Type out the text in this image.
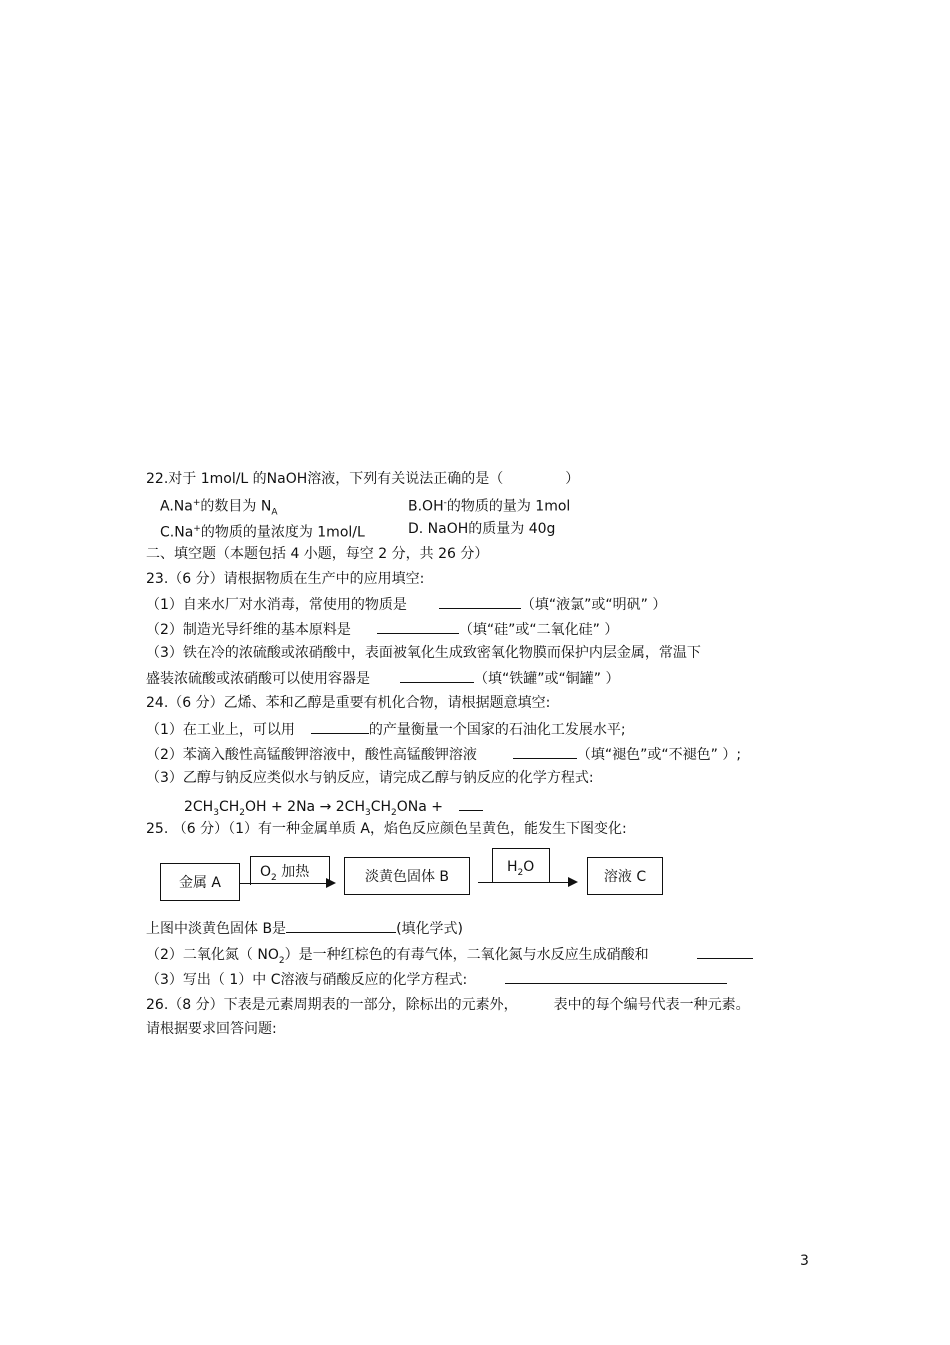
22.对于 1mol/L 的NaOH溶液，下列有关说法正确的是（	）
A.Na+的数目为 $N_A$	B.OH-的物质的量为 1mol
C.Na+的物质的量浓度为 1mol/L	D. NaOH的质量为 40g
二、填空题（本题包括 4 小题，每空 2 分，共 26 分）
23.（6 分）请根据物质在生产中的应用填空:
（1）自来水厂对水消毒，常使用的物质是	（填“液氯”或“明矾” ）
（2）制造光导纤维的基本原料是	（填“硅”或“二氧化硅” ）
（3）铁在冷的浓硫酸或浓硝酸中，表面被氧化生成致密氧化物膜而保护内层金属，常温下
盛装浓硫酸或浓硝酸可以使用容器是	（填“铁罐”或“铜罐” ）
24.（6 分）乙烯、苯和乙醇是重要有机化合物，请根据题意填空:
（1）在工业上，可以用	的产量衡量一个国家的石油化工发展水平;
（2）苯滴入酸性高锰酸钾溶液中，酸性高锰酸钾溶液	（填“褪色”或“不褪色” ）;
（3）乙醇与钠反应类似水与钠反应，请完成乙醇与钠反应的化学方程式:
$2CH_3CH_2OH + 2Na \to 2CH_3CH_2ONa$ +
25. （6 分）（1）有一种金属单质 A，焰色反应颜色呈黄色，能发生下图变化:
金属 A
$O_2$ 加热	淡黄色固体 B
$H_2O$
溶液 C
上图中淡黄色固体 B是	(填化学式)
（2）二氧化氮（ $NO_2$）是一种红棕色的有毒气体，二氧化氮与水反应生成硝酸和
（3）写出（ 1）中 C溶液与硝酸反应的化学方程式:
26.（8 分）下表是元素周期表的一部分，除标出的元素外，	表中的每个编号代表一种元素。
请根据要求回答问题:
3
